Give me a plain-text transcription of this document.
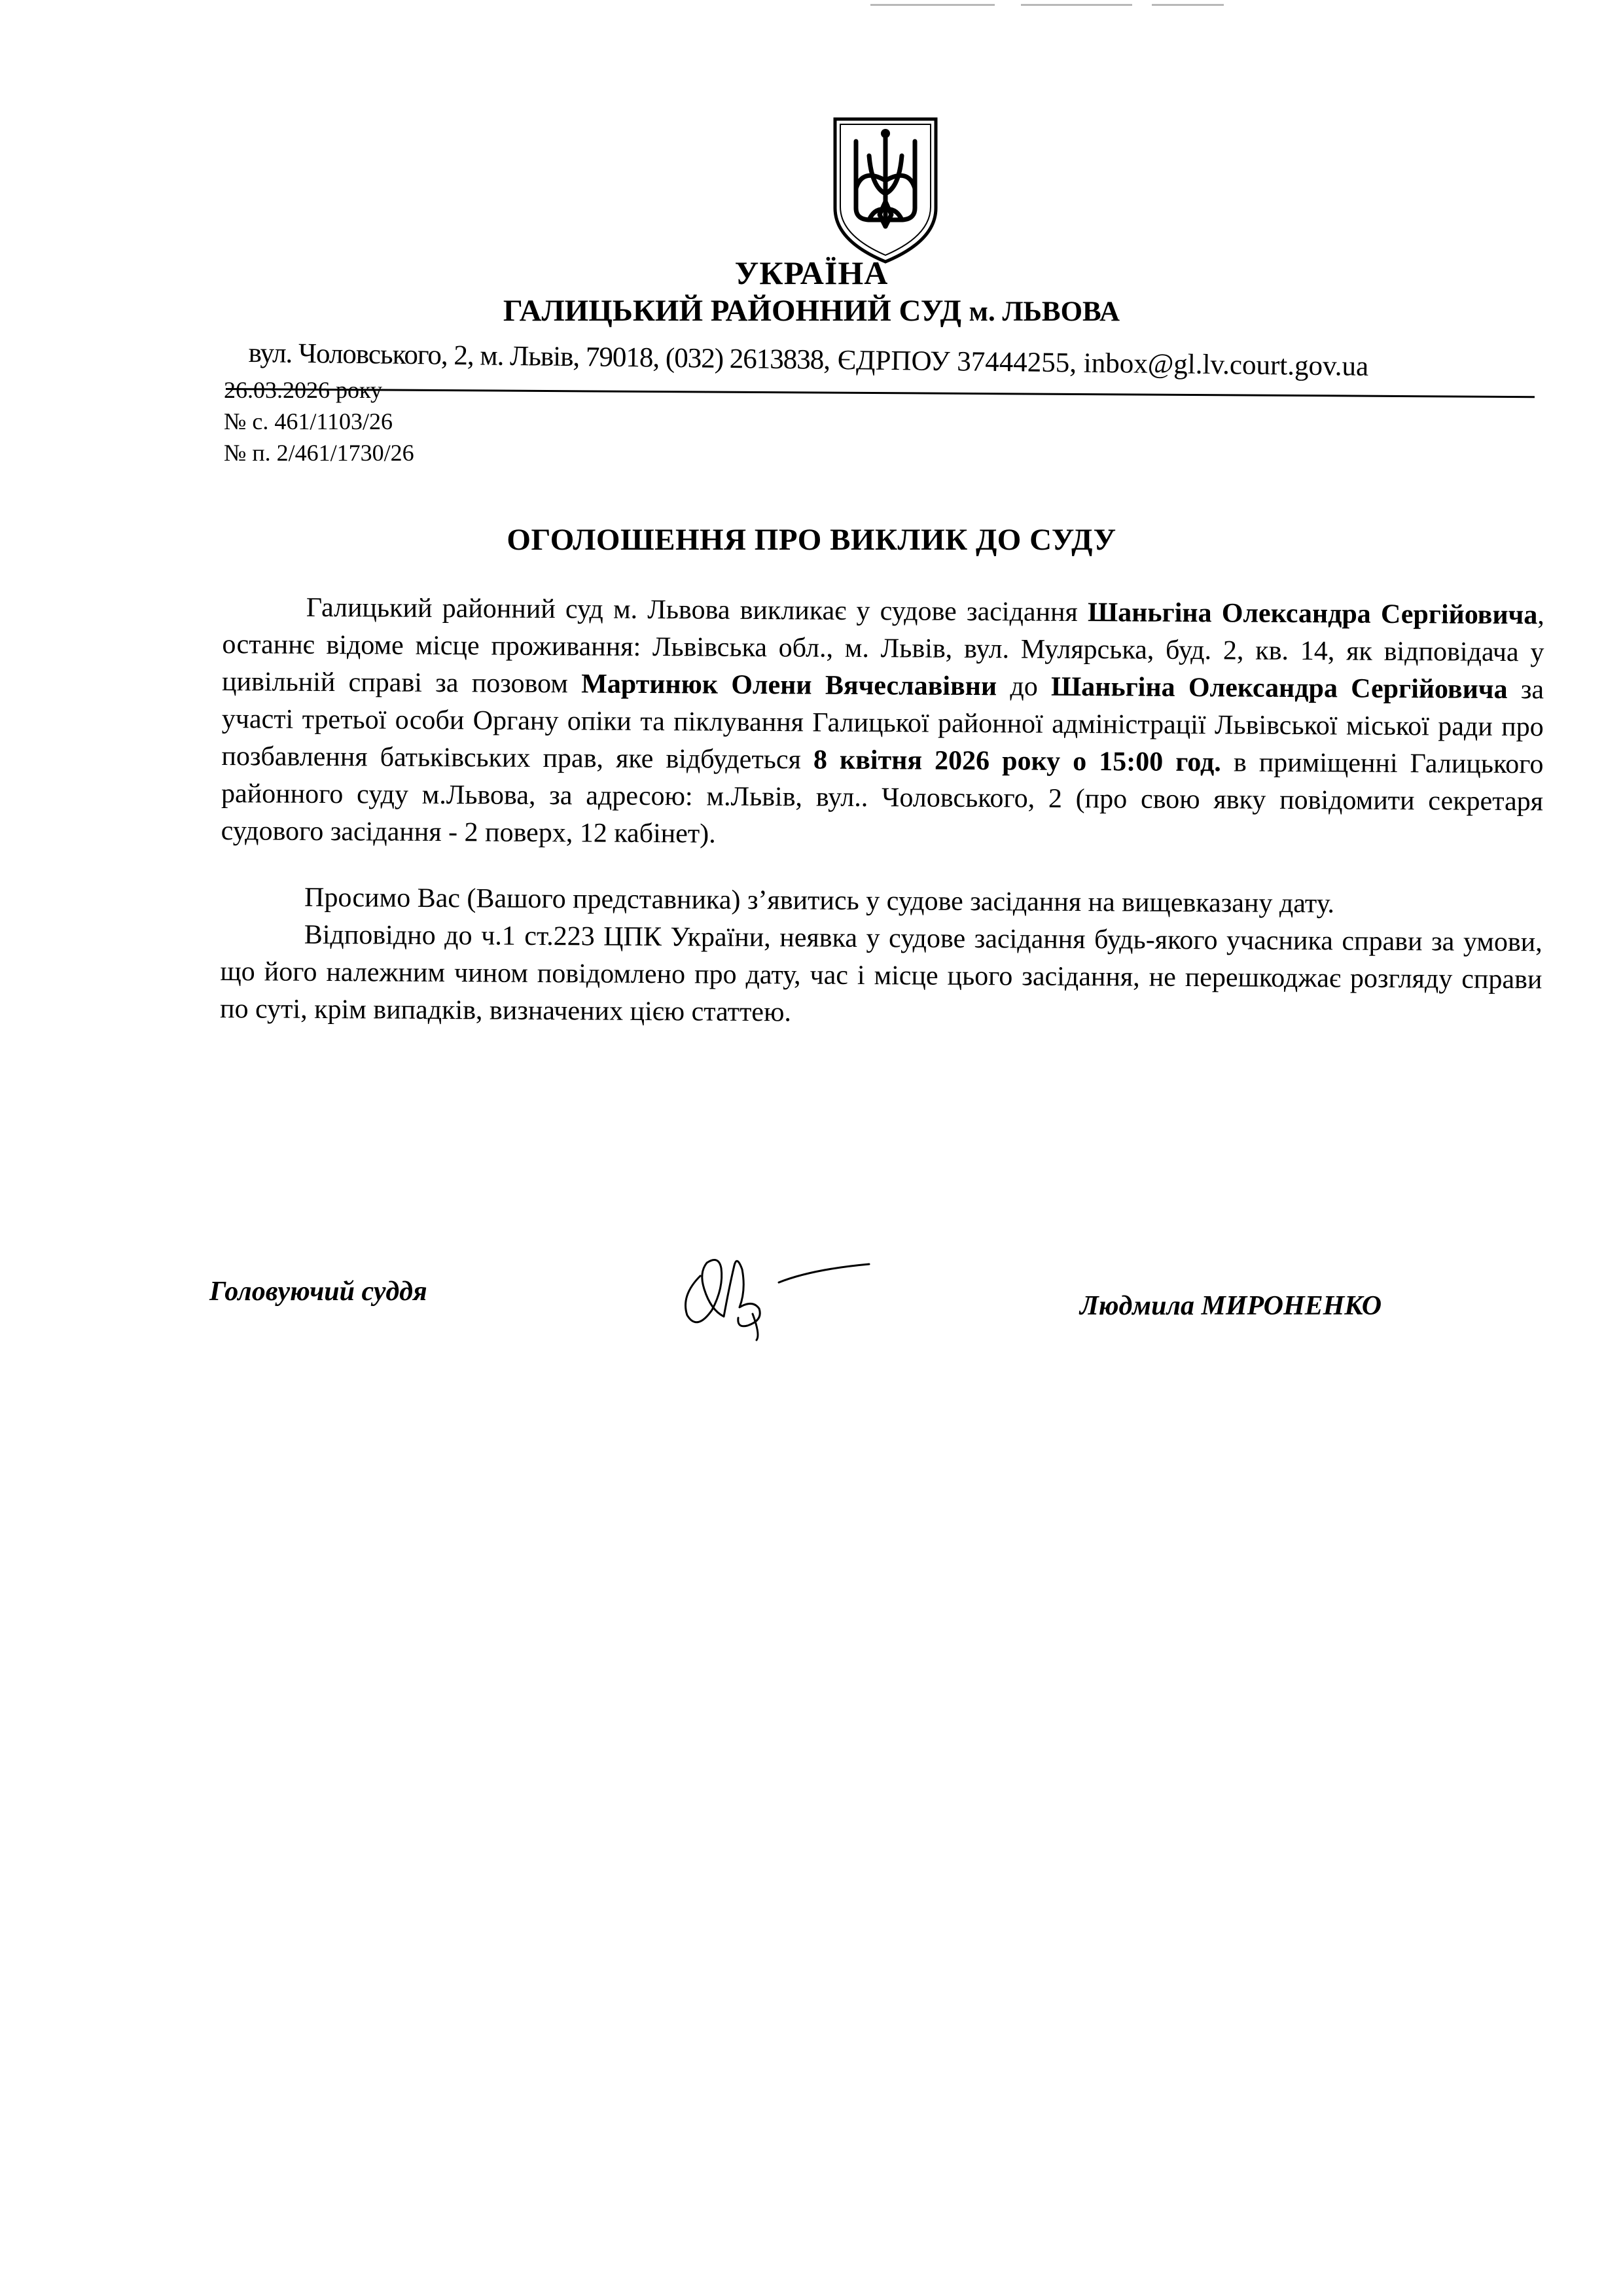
УКРАЇНА
ГАЛИЦЬКИЙ РАЙОННИЙ СУД м. ЛЬВОВА
вул. Чоловського, 2, м. Львів, 79018, (032) 2613838, ЄДРПОУ 37444255, inbox@gl.lv.court.gov.ua
26.03.2026 року
№ с. 461/1103/26
№ п. 2/461/1730/26
ОГОЛОШЕННЯ ПРО ВИКЛИК ДО СУДУ

Галицький районний суд м. Львова викликає у судове засідання Шаньгіна Олександра Сергійовича, останнє відоме місце проживання: Львівська обл., м. Львів, вул. Мулярська, буд. 2, кв. 14, як відповідача у цивільній справі за позовом Мартинюк Олени Вячеславівни до Шаньгіна Олександра Сергійовича за участі третьої особи Органу опіки та піклування Галицької районної адміністрації Львівської міської ради про позбавлення батьківських прав, яке відбудеться 8 квітня 2026 року о 15:00 год. в приміщенні Галицького районного суду м.Львова, за адресою: м.Львів, вул.. Чоловського, 2 (про свою явку повідомити секретаря судового засідання - 2 поверх, 12 кабінет).

Просимо Вас (Вашого представника) з’явитись у судове засідання на вищевказану дату.

Відповідно до ч.1 ст.223 ЦПК України, неявка у судове засідання будь-якого учасника справи за умови, що його належним чином повідомлено про дату, час і місце цього засідання, не перешкоджає розгляду справи по суті, крім випадків, визначених цією статтею.

Головуючий суддя	Людмила МИРОНЕНКО
